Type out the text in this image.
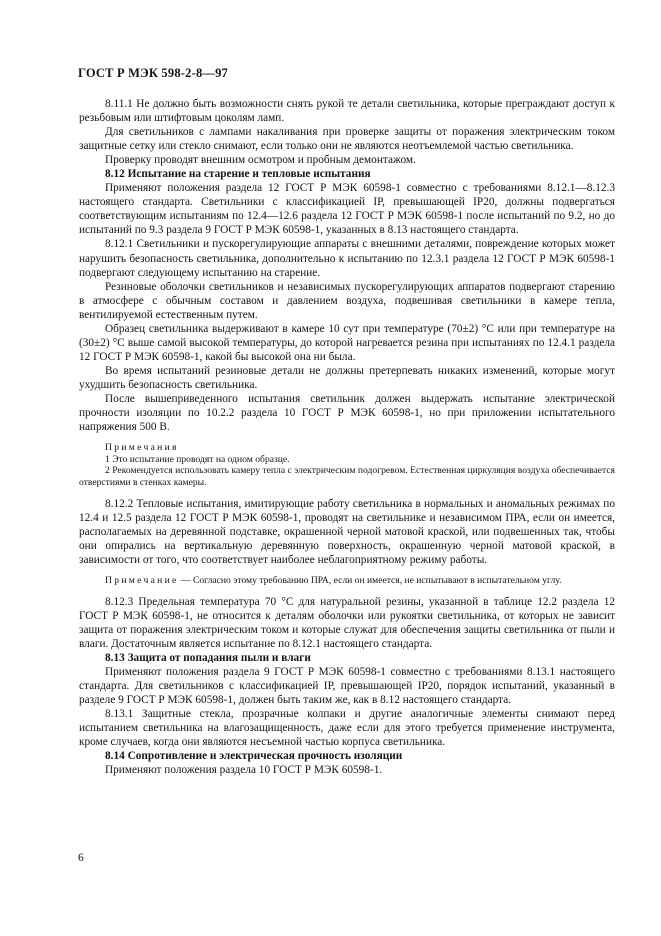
ГОСТ Р МЭК 598-2-8—97

8.11.1 Не должно быть возможности снять рукой те детали светильника, которые преграждают доступ к резьбовым или штифтовым цоколям ламп.

Для светильников с лампами накаливания при проверке защиты от поражения электрическим током защитные сетку или стекло снимают, если только они не являются неотъемлемой частью светильника.

Проверку проводят внешним осмотром и пробным демонтажом.

8.12 Испытание на старение и тепловые испытания

Применяют положения раздела 12 ГОСТ Р МЭК 60598-1 совместно с требованиями 8.12.1—8.12.3 настоящего стандарта. Светильники с классификацией IP, превышающей IP20, должны подвергаться соответствующим испытаниям по 12.4—12.6 раздела 12 ГОСТ Р МЭК 60598-1 после испытаний по 9.2, но до испытаний по 9.3 раздела 9 ГОСТ Р МЭК 60598-1, указанных в 8.13 настоящего стандарта.

8.12.1 Светильники и пускорегулирующие аппараты с внешними деталями, повреждение которых может нарушить безопасность светильника, дополнительно к испытанию по 12.3.1 раздела 12 ГОСТ Р МЭК 60598-1 подвергают следующему испытанию на старение.

Резиновые оболочки светильников и независимых пускорегулирующих аппаратов подвергают старению в атмосфере с обычным составом и давлением воздуха, подвешивая светильники в камере тепла, вентилируемой естественным путем.

Образец светильника выдерживают в камере 10 сут при температуре (70±2) °С или при температуре на (30±2) °С выше самой высокой температуры, до которой нагревается резина при испытаниях по 12.4.1 раздела 12 ГОСТ Р МЭК 60598-1, какой бы высокой она ни была.

Во время испытаний резиновые детали не должны претерпевать никаких изменений, которые могут ухудшить безопасность светильника.

После вышеприведенного испытания светильник должен выдержать испытание электрической прочности изоляции по 10.2.2 раздела 10 ГОСТ Р МЭК 60598-1, но при приложении испытательного напряжения 500 В.

Примечания

1 Это испытание проводят на одном образце.

2 Рекомендуется использовать камеру тепла с электрическим подогревом. Естественная циркуляция воздуха обеспечивается отверстиями в стенках камеры.

8.12.2 Тепловые испытания, имитирующие работу светильника в нормальных и аномальных режимах по 12.4 и 12.5 раздела 12 ГОСТ Р МЭК 60598-1, проводят на светильнике и независимом ПРА, если он имеется, располагаемых на деревянной подставке, окрашенной черной матовой краской, или подвешенных так, чтобы они опирались на вертикальную деревянную поверхность, окрашенную черной матовой краской, в зависимости от того, что соответствует наиболее неблагоприятному режиму работы.

Примечание — Согласно этому требованию ПРА, если он имеется, не испытывают в испытательном углу.

8.12.3 Предельная температура 70 °С для натуральной резины, указанной в таблице 12.2 раздела 12 ГОСТ Р МЭК 60598-1, не относится к деталям оболочки или рукоятки светильника, от которых не зависит защита от поражения электрическим током и которые служат для обеспечения защиты светильника от пыли и влаги. Достаточным является испытание по 8.12.1 настоящего стандарта.

8.13 Защита от попадания пыли и влаги

Применяют положения раздела 9 ГОСТ Р МЭК 60598-1 совместно с требованиями 8.13.1 настоящего стандарта. Для светильников с классификацией IP, превышающей IP20, порядок испытаний, указанный в разделе 9 ГОСТ Р МЭК 60598-1, должен быть таким же, как в 8.12 настоящего стандарта.

8.13.1 Защитные стекла, прозрачные колпаки и другие аналогичные элементы снимают перед испытанием светильника на влагозащищенность, даже если для этого требуется применение инструмента, кроме случаев, когда они являются несъемной частью корпуса светильника.

8.14 Сопротивление и электрическая прочность изоляции

Применяют положения раздела 10 ГОСТ Р МЭК 60598-1.

6
